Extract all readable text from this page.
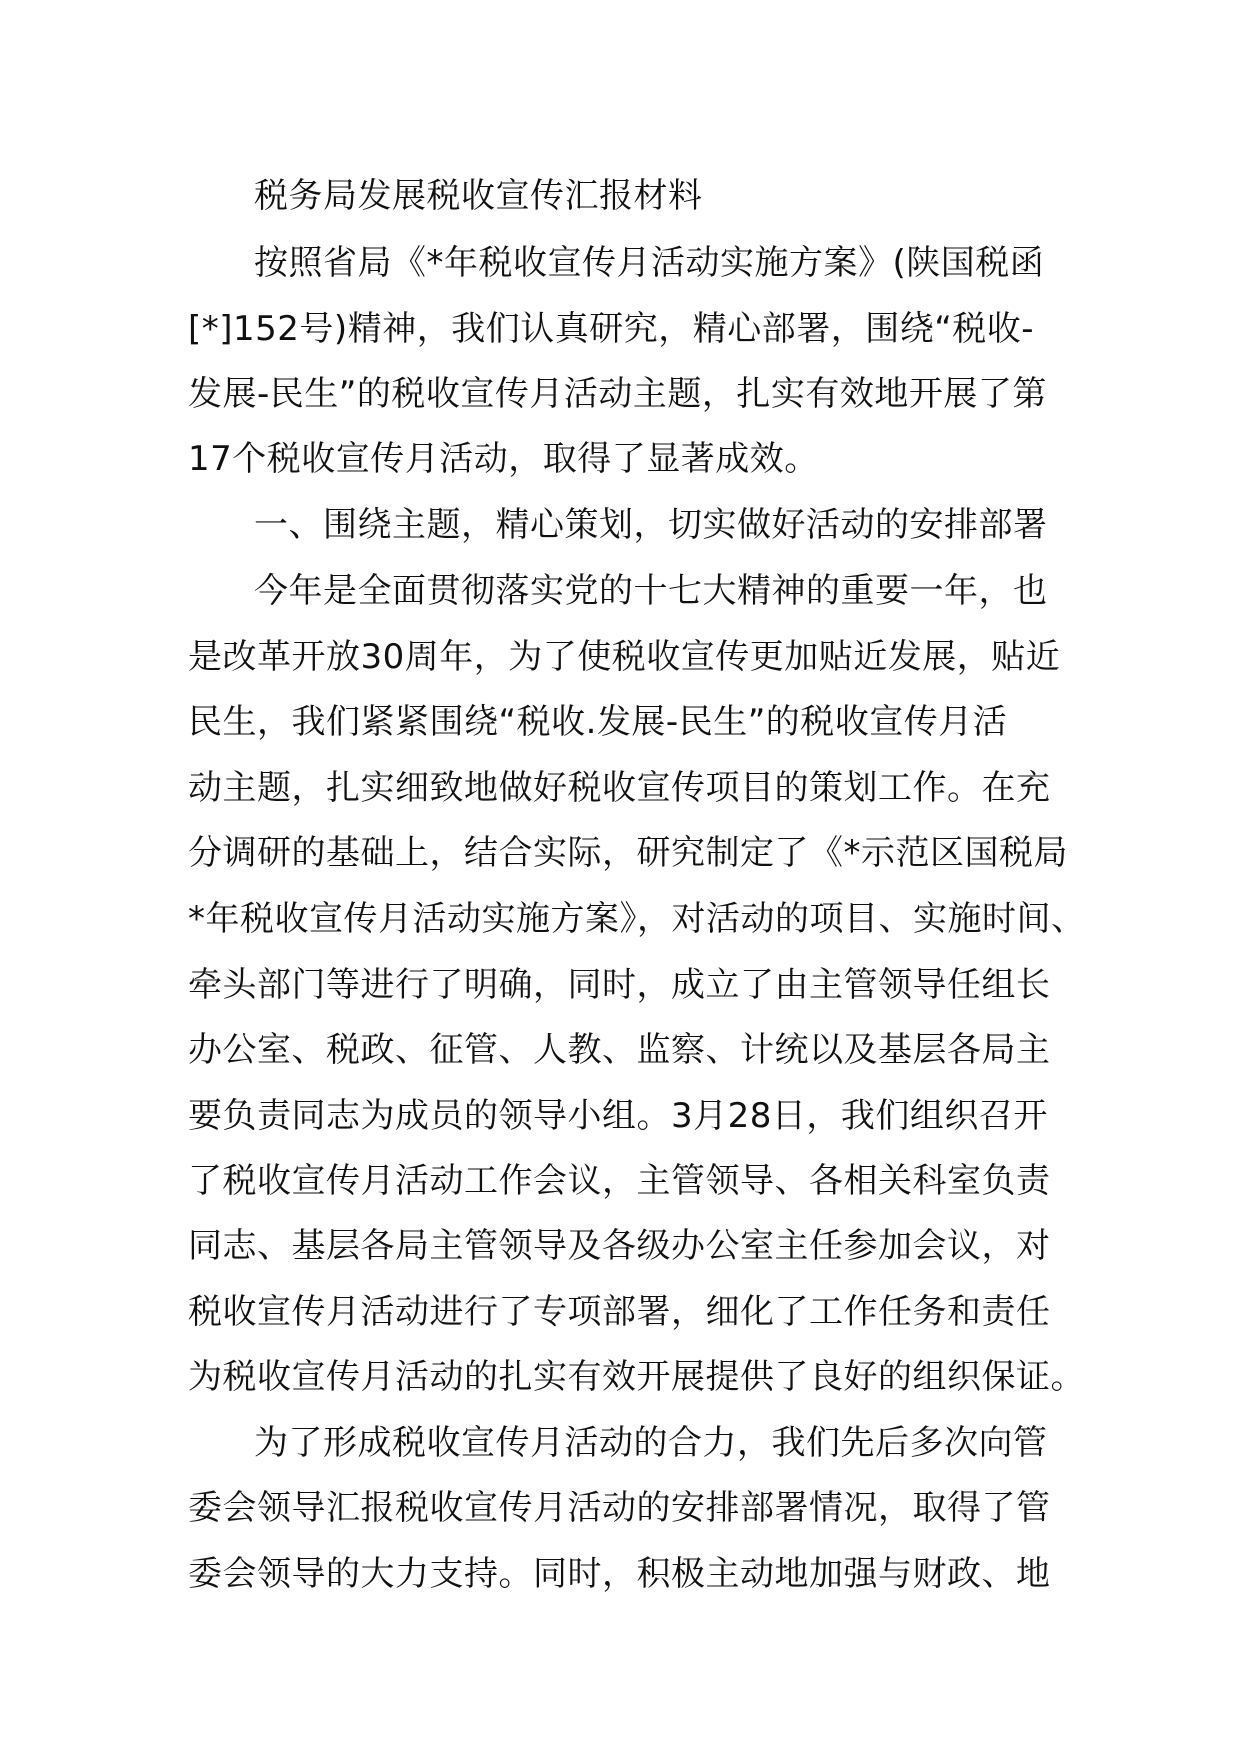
税务局发展税收宣传汇报材料
按照省局《*年税收宣传月活动实施方案》(陕国税函
[*]152号)精神，我们认真研究，精心部署，围绕“税收-
发展-民生”的税收宣传月活动主题，扎实有效地开展了第
17个税收宣传月活动，取得了显著成效。
一、围绕主题，精心策划，切实做好活动的安排部署
今年是全面贯彻落实党的十七大精神的重要一年，也
是改革开放30周年，为了使税收宣传更加贴近发展，贴近
民生，我们紧紧围绕“税收.发展-民生”的税收宣传月活
动主题，扎实细致地做好税收宣传项目的策划工作。在充
分调研的基础上，结合实际，研究制定了《*示范区国税局
*年税收宣传月活动实施方案》，对活动的项目、实施时间、
牵头部门等进行了明确，同时，成立了由主管领导任组长
办公室、税政、征管、人教、监察、计统以及基层各局主
要负责同志为成员的领导小组。3月28日，我们组织召开
了税收宣传月活动工作会议，主管领导、各相关科室负责
同志、基层各局主管领导及各级办公室主任参加会议，对
税收宣传月活动进行了专项部署，细化了工作任务和责任
为税收宣传月活动的扎实有效开展提供了良好的组织保证。
为了形成税收宣传月活动的合力，我们先后多次向管
委会领导汇报税收宣传月活动的安排部署情况，取得了管
委会领导的大力支持。同时，积极主动地加强与财政、地
